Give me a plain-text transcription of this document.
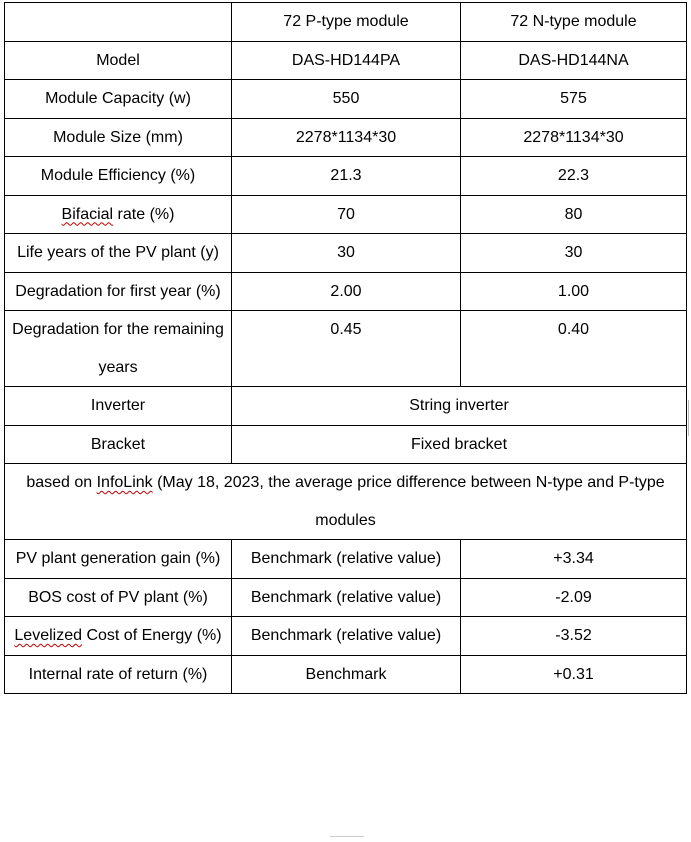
	72 P-type module	72 N-type module
Model	DAS-HD144PA	DAS-HD144NA
Module Capacity (w)	550	575
Module Size (mm)	2278*1134*30	2278*1134*30
Module Efficiency (%)	21.3	22.3
Bifacial rate (%)	70	80
Life years of the PV plant (y)	30	30
Degradation for first year (%)	2.00	1.00
Degradation for the remaining years	0.45	0.40
Inverter	String inverter	
Bracket	Fixed bracket	
based on InfoLink (May 18, 2023, the average price difference between N-type and P-type modules		
PV plant generation gain (%)	Benchmark (relative value)	+3.34
BOS cost of PV plant (%)	Benchmark (relative value)	-2.09
Levelized Cost of Energy (%)	Benchmark (relative value)	-3.52
Internal rate of return (%)	Benchmark	+0.31
